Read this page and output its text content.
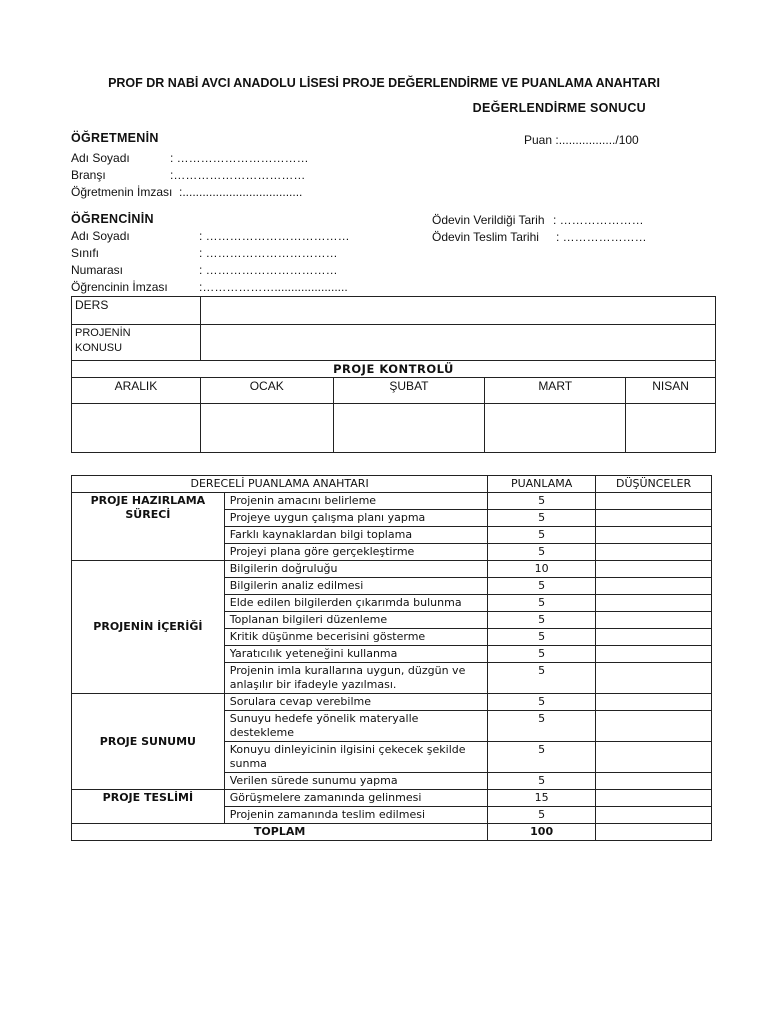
PROF DR NABİ AVCI ANADOLU LİSESİ PROJE DEĞERLENDİRME VE PUANLAMA ANAHTARI
DEĞERLENDİRME SONUCU
ÖĞRETMENİN	Puan :................./100
Adı Soyadı	: ……………………………
Branşı	:……………………………
Öğretmenin İmzası :....................................
ÖĞRENCİNİN
Adı Soyadı	: ………………………………
Sınıfı	: ……………………………
Numarası	: ……………………………
Öğrencinin İmzası	:………………......................
Ödevin Verildiği Tarih : …………………
Ödevin Teslim Tarihi : …………………
DERS				

PROJENİN
KONUSU				

PROJE KONTROLÜ				
ARALIK	OCAK	ŞUBAT	MART	NISAN

DERECELİ PUANLAMA ANAHTARI		PUANLAMA	DÜŞÜNCELER

PROJE HAZIRLAMA
SÜRECİ	Projenin amacını belirleme	5	
	Projeye uygun çalışma planı yapma	5	
	Farklı kaynaklardan bilgi toplama	5	
	Projeyi plana göre gerçekleştirme	5	
PROJENİN İÇERİĞİ	Bilgilerin doğruluğu	10	
	Bilgilerin analiz edilmesi	5	
	Elde edilen bilgilerden çıkarımda bulunma	5	
	Toplanan bilgileri düzenleme	5	
	Kritik düşünme becerisini gösterme	5	
	Yaratıcılık yeteneğini kullanma	5	
	Projenin imla kurallarına uygun, düzgün ve anlaşılır bir ifadeyle yazılması.	5	
PROJE SUNUMU	Sorulara cevap verebilme	5	
	Sunuyu hedefe yönelik materyalle destekleme	5	
	Konuyu dinleyicinin ilgisini çekecek şekilde sunma	5	
	Verilen sürede sunumu yapma	5	
PROJE TESLİMİ	Görüşmelere zamanında gelinmesi	15	
	Projenin zamanında teslim edilmesi	5	
TOPLAM		100	
